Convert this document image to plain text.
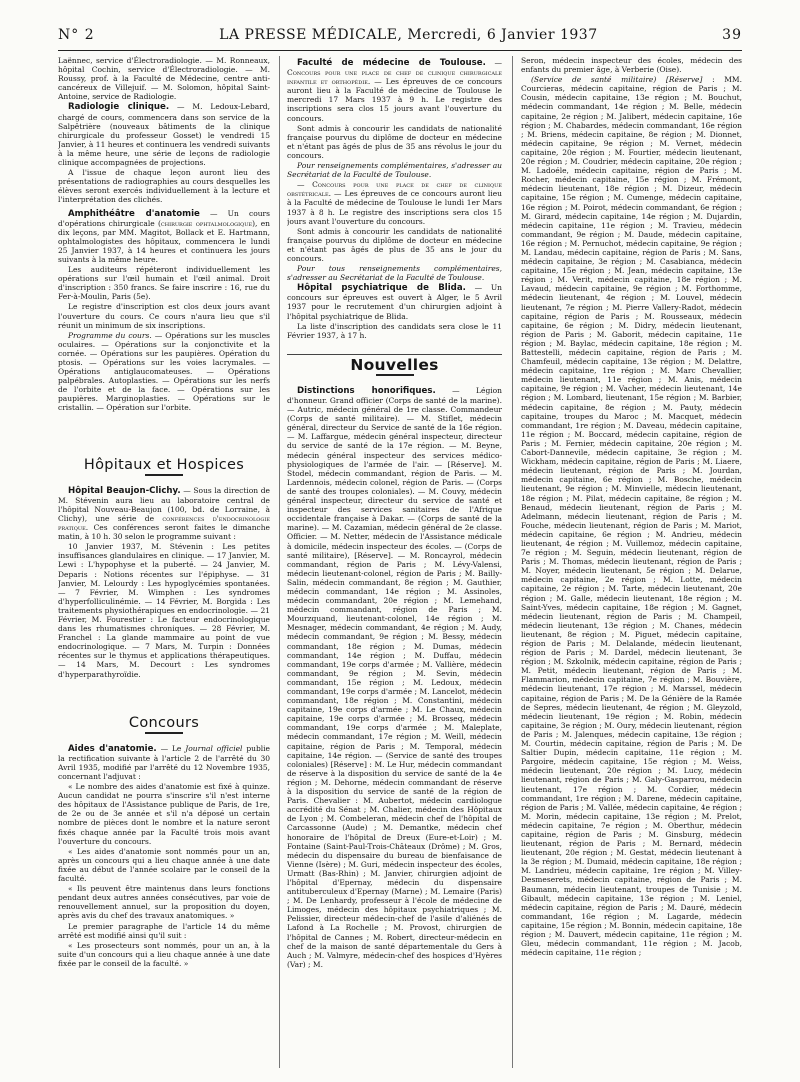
N° 2	LA PRESSE MÉDICALE, Mercredi, 6 Janvier 1937	39

Laënnec, service d'Électroradiologie. — M. Ronneaux, hôpital Cochin, service d'Électroradiologie. — M. Roussy, prof. à la Faculté de Médecine, centre anti-cancéreux de Villejuif. — M. Solomon, hôpital Saint-Antoine, service de Radiologie.

Radiologie clinique. — M. Ledoux-Lebard, chargé de cours, commencera dans son service de la Salpêtrière (nouveaux bâtiments de la clinique chirurgicale du professeur Gosset) le vendredi 15 Janvier, à 11 heures et continuera les vendredi suivants à la même heure, une série de leçons de radiologie clinique accompagnées de projections.

A l'issue de chaque leçon auront lieu des présentations de radiographies au cours desquelles les élèves seront exercés individuellement à la lecture et l'interprétation des clichés.

Amphithéâtre d'anatomie — Un cours d'opérations chirurgicale (chirurgie ophtalmologique), en dix leçons, par MM. Magitot, Bollack et E. Hartmann, ophtalmologistes des hôpitaux, commencera le lundi 25 Janvier 1937, à 14 heures et continuera les jours suivants à la même heure.

Les auditeurs répéteront individuellement les opérations sur l'œil humain et l'œil animal. Droit d'inscription : 350 francs. Se faire inscrire : 16, rue du Fer-à-Moulin, Paris (5e).

Le registre d'inscription est clos deux jours avant l'ouverture du cours. Ce cours n'aura lieu que s'il réunit un minimum de six inscriptions.

Programme du cours. — Opérations sur les muscles oculaires. — Opérations sur la conjonctivite et la cornée. — Opérations sur les paupières. Opération du ptosis. — Opérations sur les voies lacrymales. — Opérations antiglaucomateuses. — Opérations palpébrales. Autoplasties. — Opérations sur les nerfs de l'orbite et de la face. — Opérations sur les paupières. Marginoplasties. — Opérations sur le cristallin. — Opération sur l'orbite.

Hôpitaux et Hospices

Hôpital Beaujon-Clichy. — Sous la direction de M. Stévenin aura lieu au laboratoire central de l'hôpital Nouveau-Beaujon (100, bd. de Lorraine, à Clichy), une série de conférences d'endocrinologie pratique. Ces conférences seront faites le dimanche matin, à 10 h. 30 selon le programme suivant :

10 Janvier 1937, M. Stévenin : Les petites insuffisances glandulaires en clinique. — 17 Janvier, M. Lewi : L'hypophyse et la puberté. — 24 Janvier, M. Deparis : Notions récentes sur l'épiphyse. — 31 Janvier, M. Lelourdy : Les hypoglycémies spontanées. — 7 Février, M. Wimphen : Les syndromes d'hyperfolliculinémie. — 14 Février, M. Borgida : Les traitements physiothérapiques en endocrinologie. — 21 Février, M. Fourestier : Le facteur endocrinologique dans les rhumatismes chroniques. — 28 Février, M. Franchel : La glande mammaire au point de vue endocrinologique. — 7 Mars, M. Turpin : Données récentes sur le thymus et applications thérapeutiques. — 14 Mars, M. Decourt : Les syndromes d'hyperparathyroïdie.

Concours

Aides d'anatomie. — Le Journal officiel publie la rectification suivante à l'article 2 de l'arrêté du 30 Avril 1935, modifié par l'arrêté du 12 Novembre 1935, concernant l'adjuvat :

« Le nombre des aides d'anatomie est fixé à quinze. Aucun candidat ne pourra s'inscrire s'il n'est interne des hôpitaux de l'Assistance publique de Paris, de 1re, de 2e ou de 3e année et s'il n'a déposé un certain nombre de pièces dont le nombre et la nature seront fixés chaque année par la Faculté trois mois avant l'ouverture du concours.

« Les aides d'anatomie sont nommés pour un an, après un concours qui a lieu chaque année à une date fixée au début de l'année scolaire par le conseil de la faculté.

« Ils peuvent être maintenus dans leurs fonctions pendant deux autres années consécutives, par voie de renouvellement annuel, sur la proposition du doyen, après avis du chef des travaux anatomiques. »

Le premier paragraphe de l'article 14 du même arrêté est modifié ainsi qu'il suit :

« Les prosecteurs sont nommés, pour un an, à la suite d'un concours qui a lieu chaque année à une date fixée par le conseil de la faculté. »

Faculté de médecine de Toulouse. — Concours pour une place de chef de clinique chirurgicale infantile et orthopédie. — Les épreuves de ce concours auront lieu à la Faculté de médecine de Toulouse le mercredi 17 Mars 1937 à 9 h. Le registre des inscriptions sera clos 15 jours avant l'ouverture du concours.

Sont admis à concourir les candidats de nationalité française pourvus du diplôme de docteur en médecine et n'étant pas âgés de plus de 35 ans révolus le jour du concours.

Pour renseignements complémentaires, s'adresser au Secrétariat de la Faculté de Toulouse.

— Concours pour une place de chef de clinique obstétricale. — Les épreuves de ce concours auront lieu à la Faculté de médecine de Toulouse le lundi 1er Mars 1937 à 8 h. Le registre des inscriptions sera clos 15 jours avant l'ouverture du concours.

Sont admis à concourir les candidats de nationalité française pourvus du diplôme de docteur en médecine et n'étant pas âgés de plus de 35 ans le jour du concours.

Pour tous renseignements complémentaires, s'adresser au Secrétariat de la Faculté de Toulouse.

Hôpital psychiatrique de Blida. — Un concours sur épreuves est ouvert à Alger, le 5 Avril 1937 pour le recrutement d'un chirurgien adjoint à l'hôpital psychiatrique de Blida.

La liste d'inscription des candidats sera close le 11 Février 1937, à 17 h.

Nouvelles

Distinctions honorifiques. — Légion d'honneur. Grand officier (Corps de santé de la marine). — Autric, médecin général de 1re classe. Commandeur (Corps de santé militaire). — M. Stiflet, médecin général, directeur du Service de santé de la 16e région. — M. Laffargue, médecin général inspecteur, directeur du service de santé de la 17e région. — M. Beyne, médecin général inspecteur des services médico-physiologiques de l'armée de l'air. — [Réserve]. M. Stodel, médecin commandant, région de Paris. — M. Lardennois, médecin colonel, région de Paris. — (Corps de santé des troupes coloniales). — M. Couvy, médecin général inspecteur, directeur du service de santé et inspecteur des services sanitaires de l'Afrique occidentale française à Dakar. — (Corps de santé de la marine). — M. Cazamian, médecin général de 2e classe. Officier. — M. Netter, médecin de l'Assistance médicale à domicile, médecin inspecteur des écoles. — (Corps de santé militaire), [Réserve]. — M. Roncayrol, médecin commandant, région de Paris ; M. Lévy-Valensi, médecin lieutenant-colonel, région de Paris ; M. Bailly-Salin, médecin commandant, 8e région ; M. Gauthier, médecin commandant, 14e région ; M. Assinoles, médecin commandant, 20e région ; M. Lemehand, médecin commandant, région de Paris ; M. Mourzquand, lieutenant-colonel, 14e région ; M. Mesnager, médecin commandant, 4e région ; M. Audy, médecin commandant, 9e région ; M. Bessy, médecin commandant, 18e région ; M. Dumas, médecin commandant, 14e région ; M. Duffau, médecin commandant, 19e corps d'armée ; M. Vallière, médecin commandant, 9e région ; M. Sevin, médecin commandant, 15e région ; M. Ledoux, médecin commandant, 19e corps d'armée ; M. Lancelot, médecin commandant, 18e région ; M. Constantini, médecin capitaine, 19e corps d'armée ; M. Le Chaux, médecin capitaine, 19e corps d'armée ; M. Brosseq, médecin commandant, 19e corps d'armée ; M. Maleplate, médecin commandant, 17e région ; M. Weill, médecin capitaine, région de Paris ; M. Temporal, médecin capitaine, 14e région. — (Service de santé des troupes coloniales) [Réserve] : M. Le Hur, médecin commandant de réserve à la disposition du service de santé de la 4e région ; M. Dehorne, médecin commandant de réserve à la disposition du service de santé de la région de Paris. Chevalier : M. Aubertot, médecin cardiologue accrédité du Sénat ; M. Chalier, médecin des Hôpitaux de Lyon ; M. Combeleran, médecin chef de l'hôpital de Carcassonne (Aude) ; M. Demantke, médecin chef honoraire de l'hôpital de Dreux (Eure-et-Loir) ; M. Fontaine (Saint-Paul-Trois-Châteaux (Drôme) ; M. Gros, médecin du dispensaire du bureau de bienfaisance de Vienne (Isère) ; M. Guri, médecin inspecteur des écoles, Urmatt (Bas-Rhin) ; M. Janvier, chirurgien adjoint de l'hôpital d'Epernay, médecin du dispensaire antituberculeux d'Epernay (Marne) ; M. Lemaire (Paris) ; M. De Lenhardy, professeur à l'école de médecine de Limoges, médecin des hôpitaux psychiatriques ; M. Pelissier, directeur médecin-chef de l'asile d'aliénés de Lafond à La Rochelle ; M. Provost, chirurgien de l'hôpital de Cannes ; M. Robert, directeur-médecin en chef de la maison de santé départementale du Gers à Auch ; M. Valmyre, médecin-chef des hospices d'Hyères (Var) ; M.

Seron, médecin inspecteur des écoles, médecin des enfants du premier âge, à Verberie (Oise).

(Service de santé militaire) [Réserve] : MM. Courcieras, médecin capitaine, région de Paris ; M. Cousin, médecin capitaine, 13e région ; M. Bouchut, médecin commandant, 14e région ; M. Belle, médecin capitaine, 2e région ; M. Jalibert, médecin capitaine, 16e région ; M. Chabardes, médecin commandant, 16e région ; M. Briens, médecin capitaine, 8e région ; M. Dionnet, médecin capitaine, 9e région ; M. Vernet, médecin capitaine, 20e région ; M. Fourtier, médecin lieutenant, 20e région ; M. Coudrier, médecin capitaine, 20e région ; M. Ladoéle, médecin capitaine, région de Paris ; M. Rocher, médecin capitaine, 15e région ; M. Frémont, médecin lieutenant, 18e région ; M. Dizeur, médecin capitaine, 15e région ; M. Cumenge, médecin capitaine, 16e région ; M. Poirot, médecin commandant, 6e région ; M. Girard, médecin capitaine, 14e région ; M. Dujardin, médecin capitaine, 11e région ; M. Travieu, médecin commandant, 9e région ; M. Daude, médecin capitaine, 16e région ; M. Pernuchot, médecin capitaine, 9e région ; M. Landau, médecin capitaine, région de Paris ; M. Sans, médecin capitaine, 3e région ; M. Casabianca, médecin capitaine, 15e région ; M. Jean, médecin capitaine, 13e région ; M. Verit, médecin capitaine, 18e région ; M. Lavaud, médecin capitaine, 9e région ; M. Forthomme, médecin lieutenant, 4e région ; M. Louvel, médecin lieutenant, 7e région ; M. Pierre Vallery-Radot, médecin capitaine, région de Paris ; M. Rousseaux, médecin capitaine, 6e région ; M. Didry, médecin lieutenant, région de Paris ; M. Gaborit, médecin capitaine, 11e région ; M. Baylac, médecin capitaine, 18e région ; M. Battestelli, médecin capitaine, région de Paris ; M. Chamfeuil, médecin capitaine, 13e région ; M. Delattre, médecin capitaine, 1re région ; M. Marc Chevallier, médecin lieutenant, 11e région ; M. Anis, médecin capitaine, 9e région ; M. Vacher, médecin lieutenant, 14e région ; M. Lombard, lieutenant, 15e région ; M. Barbier, médecin capitaine, 8e région ; M. Pauty, médecin capitaine, troupes du Maroc ; M. Macquet, médecin commandant, 1re région ; M. Daveau, médecin capitaine, 11e région ; M. Boccard, médecin capitaine, région de Paris ; M. Fernier, médecin capitaine, 20e région ; M. Cabort-Dannevile, médecin capitaine, 3e région ; M. Wickham, médecin capitaine, région de Paris ; M. Liaere, médecin lieutenant, région de Paris ; M. Jourdan, médecin capitaine, 6e région ; M. Bosche, médecin lieutenant, 9e région ; M. Minvielle, médecin lieutenant, 18e région ; M. Pilat, médecin capitaine, 8e région ; M. Benaud, médecin lieutenant, région de Paris ; M. Adelmann, médecin lieutenant, région de Paris ; M. Fouche, médecin lieutenant, région de Paris ; M. Mariot, médecin capitaine, 6e région ; M. Andrieu, médecin lieutenant, 4e région ; M. Vuillemoz, médecin capitaine, 7e région ; M. Seguin, médecin lieutenant, région de Paris ; M. Thomas, médecin lieutenant, région de Paris ; M. Noyer, médecin lieutenant, 5e région ; M. Delarue, médecin capitaine, 2e région ; M. Lotte, médecin capitaine, 2e région ; M. Tarte, médecin lieutenant, 20e région ; M. Galle, médecin lieutenant, 18e région ; M. Saint-Yves, médecin capitaine, 18e région ; M. Gagnet, médecin lieutenant, région de Paris ; M. Champeil, médecin lieutenant, 13e région ; M. Chanes, médecin lieutenant, 8e région ; M. Piguet, médecin capitaine, région de Paris ; M. Delalande, médecin lieutenant, région de Paris ; M. Dardel, médecin lieutenant, 3e région ; M. Szkolnik, médecin capitaine, région de Paris ; M. Petit, médecin lieutenant, région de Paris ; M. Flammarion, médecin capitaine, 7e région ; M. Bouvière, médecin lieutenant, 17e région ; M. Marssel, médecin capitaine, région de Paris ; M. De la Génière de la Ramée de Sepres, médecin lieutenant, 4e région ; M. Gleyzold, médecin lieutenant, 19e région ; M. Robin, médecin capitaine, 3e région ; M. Oury, médecin lieutenant, région de Paris ; M. Jalenques, médecin capitaine, 13e région ; M. Courtin, médecin capitaine, région de Paris ; M. De Saltier Dupin, médecin capitaine, 11e région ; M. Pargoire, médecin capitaine, 15e région ; M. Weiss, médecin lieutenant, 20e région ; M. Lucy, médecin lieutenant, région de Paris ; M. Galy-Gasparrou, médecin lieutenant, 17e région ; M. Cordier, médecin commandant, 1re région ; M. Darene, médecin capitaine, région de Paris ; M. Vallée, médecin capitaine, 4e région ; M. Morin, médecin capitaine, 13e région ; M. Prelot, médecin capitaine, 7e région ; M. Oberthur, médecin capitaine, région de Paris ; M. Ginsburg, médecin lieutenant, région de Paris ; M. Bernard, médecin lieutenant, 20e région ; M. Gestat, médecin lieutenant à la 3e région ; M. Dumaid, médecin capitaine, 18e région ; M. Landrieu, médecin capitaine, 1re région ; M. Villey-Desmeserets, médecin capitaine, région de Paris ; M. Baumann, médecin lieutenant, troupes de Tunisie ; M. Gibault, médecin capitaine, 13e région ; M. Leniel, médecin capitaine, région de Paris ; M. Dauré, médecin commandant, 16e région ; M. Lagarde, médecin capitaine, 15e région ; M. Bonnin, médecin capitaine, 18e région ; M. Dauvert, médecin capitaine, 11e région ; M. Gleu, médecin commandant, 11e région ; M. Jacob, médecin capitaine, 11e région ;
